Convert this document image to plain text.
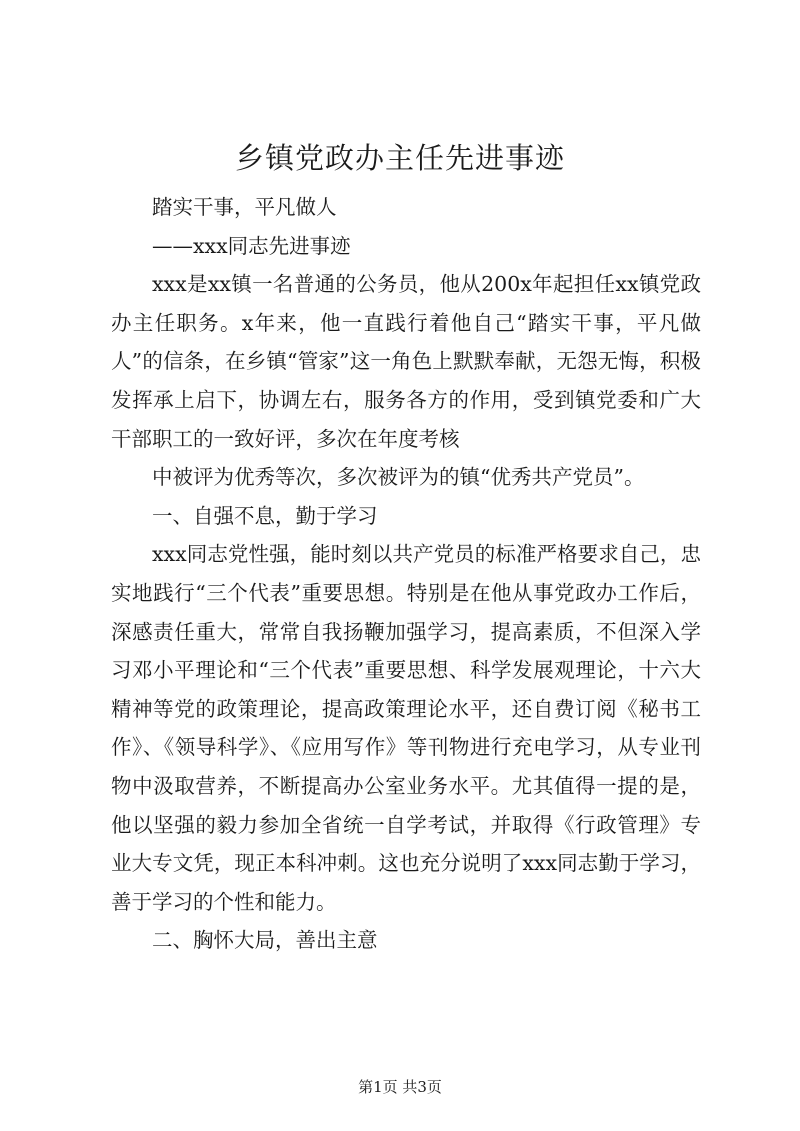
乡镇党政办主任先进事迹

踏实干事，平凡做人

——xxx同志先进事迹

xxx是xx镇一名普通的公务员，他从200x年起担任xx镇党政办主任职务。x年来，他一直践行着他自己“踏实干事，平凡做人”的信条，在乡镇“管家”这一角色上默默奉献，无怨无悔，积极发挥承上启下，协调左右，服务各方的作用，受到镇党委和广大干部职工的一致好评，多次在年度考核

中被评为优秀等次，多次被评为的镇“优秀共产党员”。

一、自强不息，勤于学习

xxx同志党性强，能时刻以共产党员的标准严格要求自己，忠实地践行“三个代表”重要思想。特别是在他从事党政办工作后，深感责任重大，常常自我扬鞭加强学习，提高素质，不但深入学习邓小平理论和“三个代表”重要思想、科学发展观理论，十六大精神等党的政策理论，提高政策理论水平，还自费订阅《秘书工作》、《领导科学》、《应用写作》等刊物进行充电学习，从专业刊物中汲取营养，不断提高办公室业务水平。尤其值得一提的是，他以坚强的毅力参加全省统一自学考试，并取得《行政管理》专业大专文凭，现正本科冲刺。这也充分说明了xxx同志勤于学习，善于学习的个性和能力。

二、胸怀大局，善出主意

第1页 共3页
